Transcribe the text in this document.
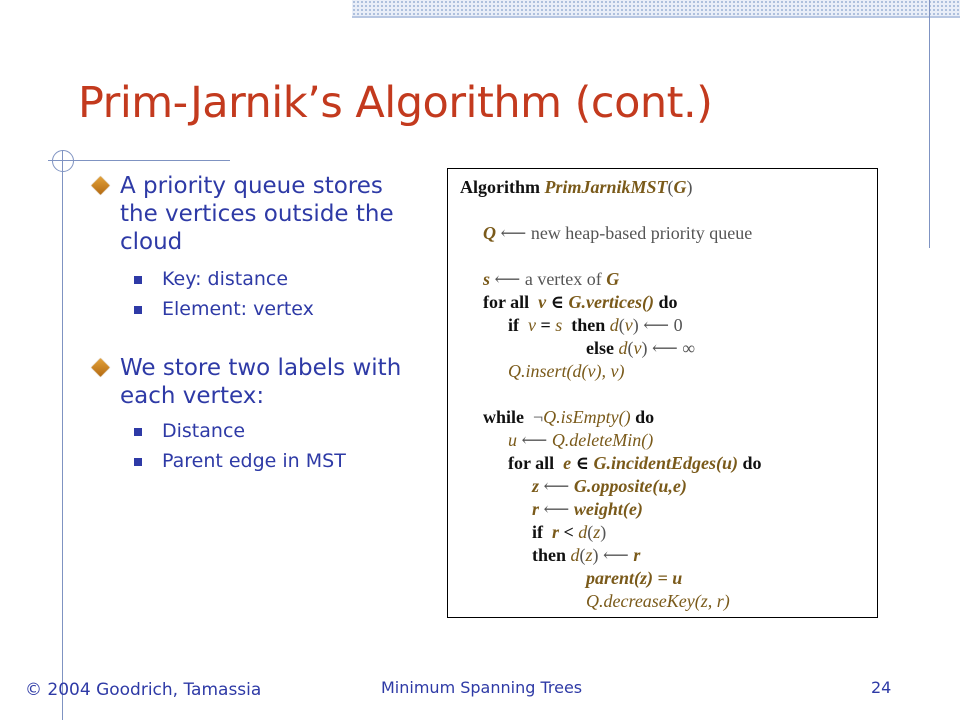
Prim-Jarnik’s Algorithm (cont.)
A priority queue stores the vertices outside the cloud
Key: distance
Element: vertex
We store two labels with each vertex:
Distance
Parent edge in MST
Algorithm PrimJarnikMST(G)
Q ⟵ new heap-based priority queue
s ⟵ a vertex of G
for all v ∈ G.vertices() do
if v = s then d(v) ⟵ 0
else d(v) ⟵ ∞
Q.insert(d(v), v)
while ¬Q.isEmpty() do
u ⟵ Q.deleteMin()
for all e ∈ G.incidentEdges(u) do
z ⟵ G.opposite(u,e)
r ⟵ weight(e)
if r < d(z)
then d(z) ⟵ r
parent(z) = u
Q.decreaseKey(z, r)
© 2004 Goodrich, Tamassia	Minimum Spanning Trees	24
